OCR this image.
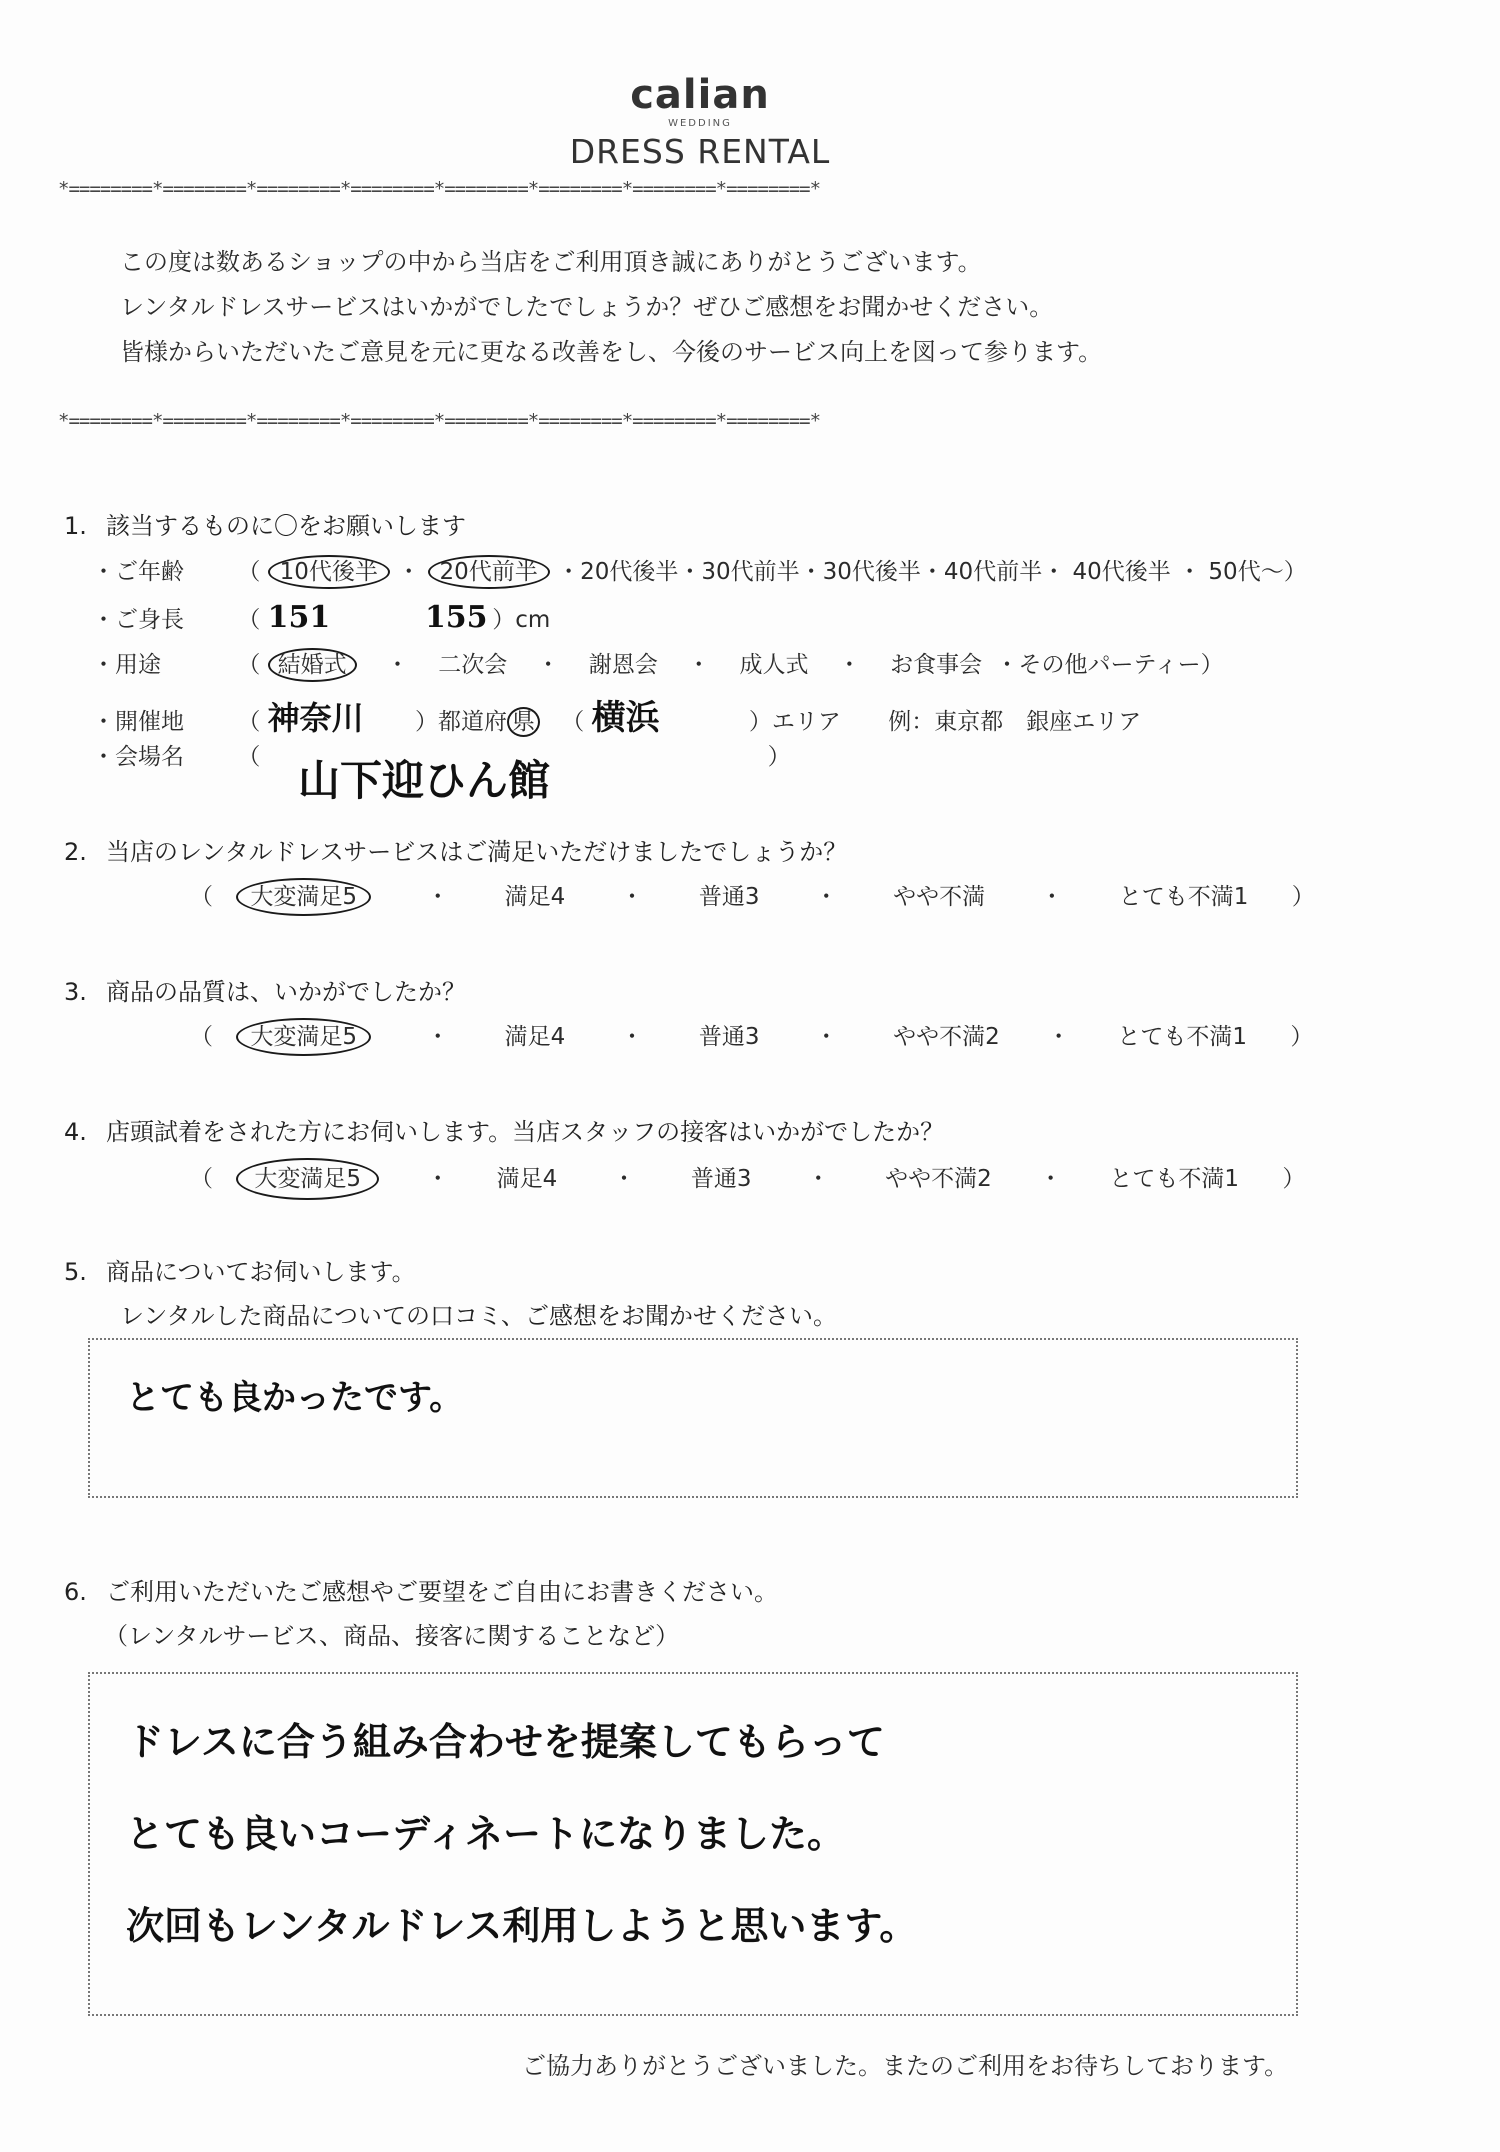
calian
WEDDING
DRESS RENTAL
*========*========*========*========*========*========*========*========*
この度は数あるショップの中から当店をご利用頂き誠にありがとうございます。
レンタルドレスサービスはいかがでしたでしょうか？ぜひご感想をお聞かせください。
皆様からいただいたご意見を元に更なる改善をし、今後のサービス向上を図って参ります。
*========*========*========*========*========*========*========*========*
1. 該当するものに〇をお願いします
・ご年齢 （ 10代後半 ・ 20代前半 ・20代後半・30代前半・30代後半・40代前半・ 40代後半 ・ 50代～）
・ご身長 （ 151	155 ）cm
・用途	（ 結婚式 ・ 二次会 ・ 謝恩会 ・ 成人式 ・ お食事会 ・その他パーティー）
・開催地 （ 神奈川 ）都道府 県 （ 横浜	）エリア 例：東京都　銀座エリア
・会場名 （	）
山下迎ひん館
2. 当店のレンタルドレスサービスはご満足いただけましたでしょうか？
（ 大変満足5	・ 満足4 ・ 普通3 ・ やや不満 ・ とても不満1 ）
3. 商品の品質は、いかがでしたか？
（ 大変満足5	・ 満足4 ・ 普通3 ・ やや不満2 ・ とても不満1 ）
4. 店頭試着をされた方にお伺いします。当店スタッフの接客はいかがでしたか？
（ 大変満足5	・ 満足4 ・ 普通3 ・ やや不満2 ・ とても不満1 ）
5. 商品についてお伺いします。
レンタルした商品についての口コミ、ご感想をお聞かせください。
とても良かったです。
6. ご利用いただいたご感想やご要望をご自由にお書きください。
（レンタルサービス、商品、接客に関することなど）
ドレスに合う組み合わせを提案してもらって
とても良いコーディネートになりました。
次回もレンタルドレス利用しようと思います。
ご協力ありがとうございました。またのご利用をお待ちしております。
